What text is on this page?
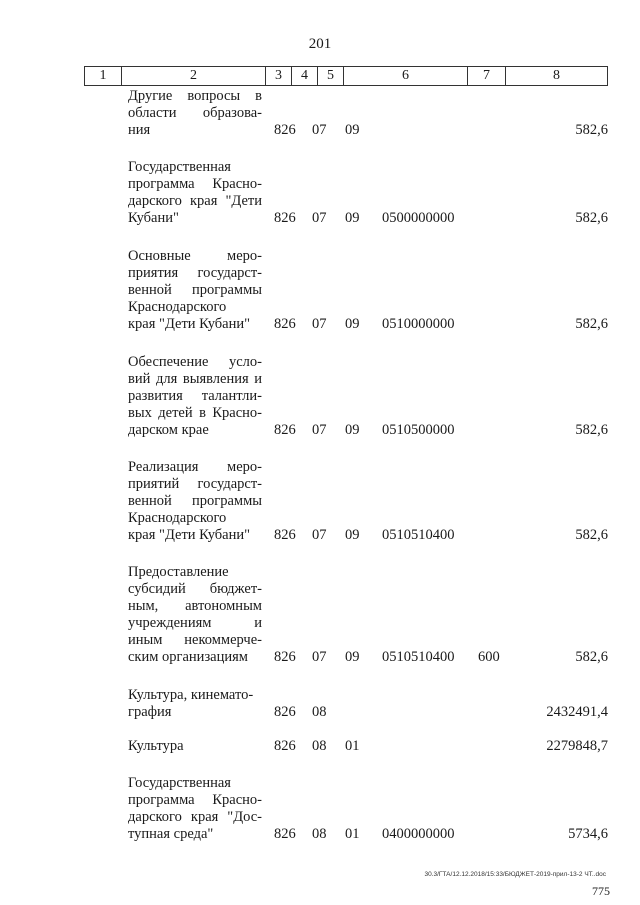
201
1	2	3	4	5	6	7	8
Другие вопросы в
области образова-
ния	826 07 09	582,6
Государственная
программа Красно-
дарского края "Дети
Кубани"	826 07 09 0500000000	582,6
Основные меро-
приятия государст-
венной программы
Краснодарского
края "Дети Кубани"	826 07 09 0510000000	582,6
Обеспечение усло-
вий для выявления и
развития талантли-
вых детей в Красно-
дарском крае	826 07 09 0510500000	582,6
Реализация меро-
приятий государст-
венной программы
Краснодарского
края "Дети Кубани"	826 07 09 0510510400	582,6
Предоставление
субсидий бюджет-
ным, автономным
учреждениям и
иным некоммерче-
ским организациям	826 07 09 0510510400 600	582,6
Культура, кинемато-
графия	826 08	2432491,4
Культура	826 08 01	2279848,7
Государственная
программа Красно-
дарского края "Дос-
тупная среда"	826 08 01 0400000000	5734,6
30.3/ГТА/12.12.2018/15:33/БЮДЖЕТ-2019-прил-13-2 ЧТ..doc
775
